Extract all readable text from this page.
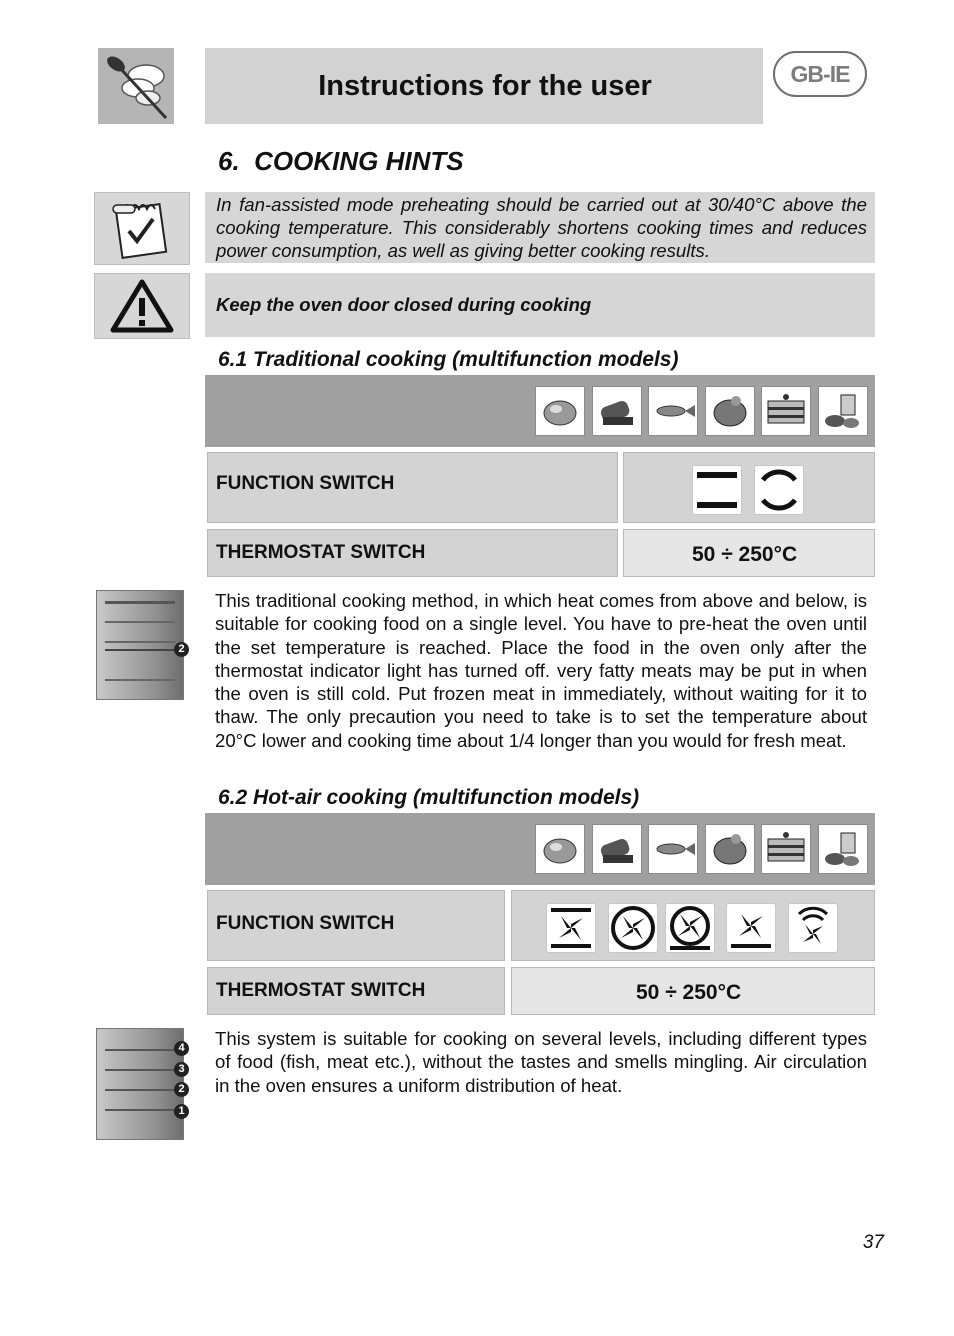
Instructions for the user	GB-IE
6. COOKING HINTS

In fan-assisted mode preheating should be carried out at 30/40°C above the cooking temperature. This considerably shortens cooking times and reduces power consumption, as well as giving better cooking results.

Keep the oven door closed during cooking
6.1 Traditional cooking (multifunction models)
FUNCTION SWITCH
THERMOSTAT SWITCH	50 ÷ 250°C
2

This traditional cooking method, in which heat comes from above and below, is suitable for cooking food on a single level. You have to pre-heat the oven until the set temperature is reached. Place the food in the oven only after the thermostat indicator light has turned off. very fatty meats may be put in when the oven is still cold. Put frozen meat in immediately, without waiting for it to thaw. The only precaution you need to take is to set the temperature about 20°C lower and cooking time about 1/4 longer than you would for fresh meat.

6.2 Hot-air cooking (multifunction models)
FUNCTION SWITCH
THERMOSTAT SWITCH	50 ÷ 250°C
4
3
2
1

This system is suitable for cooking on several levels, including different types of food (fish, meat etc.), without the tastes and smells mingling. Air circulation in the oven ensures a uniform distribution of heat.

37
